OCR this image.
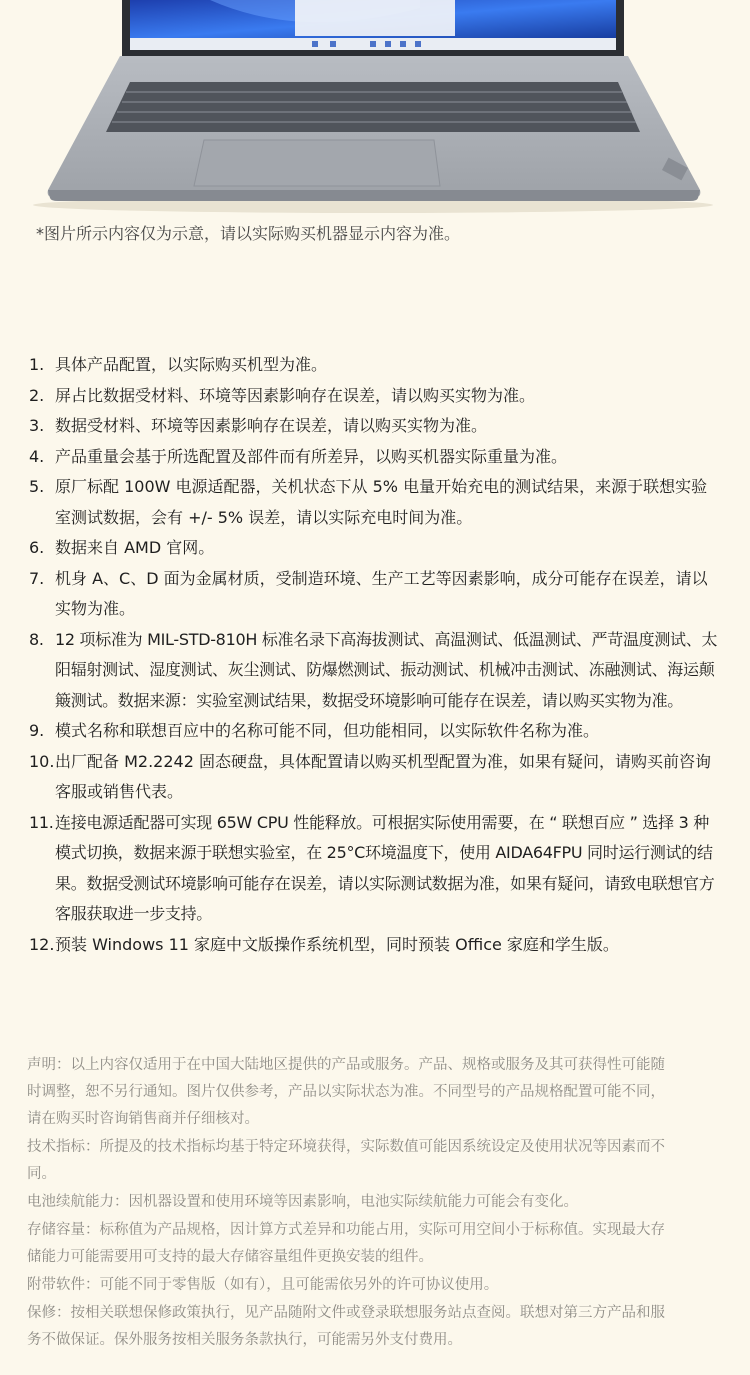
*图片所示内容仅为示意，请以实际购买机器显示内容为准。
1. 具体产品配置，以实际购买机型为准。
2. 屏占比数据受材料、环境等因素影响存在误差，请以购买实物为准。
3. 数据受材料、环境等因素影响存在误差，请以购买实物为准。
4. 产品重量会基于所选配置及部件而有所差异，以购买机器实际重量为准。
5. 原厂标配 100W 电源适配器，关机状态下从 5% 电量开始充电的测试结果，来源于联想实验室测试数据，会有 +/- 5% 误差，请以实际充电时间为准。
6. 数据来自 AMD 官网。
7. 机身 A、C、D 面为金属材质，受制造环境、生产工艺等因素影响，成分可能存在误差，请以实物为准。
8. 12 项标准为 MIL-STD-810H 标准名录下高海拔测试、高温测试、低温测试、严苛温度测试、太阳辐射测试、湿度测试、灰尘测试、防爆燃测试、振动测试、机械冲击测试、冻融测试、海运颠簸测试。数据来源：实验室测试结果，数据受环境影响可能存在误差，请以购买实物为准。
9. 模式名称和联想百应中的名称可能不同，但功能相同，以实际软件名称为准。
10. 出厂配备 M2.2242 固态硬盘，具体配置请以购买机型配置为准，如果有疑问，请购买前咨询客服或销售代表。
11. 连接电源适配器可实现 65W CPU 性能释放。可根据实际使用需要，在 “ 联想百应 ” 选择 3 种模式切换，数据来源于联想实验室，在 25°C环境温度下，使用 AIDA64FPU 同时运行测试的结果。数据受测试环境影响可能存在误差，请以实际测试数据为准，如果有疑问，请致电联想官方客服获取进一步支持。
12. 预装 Windows 11 家庭中文版操作系统机型，同时预装 Office 家庭和学生版。

声明：以上内容仅适用于在中国大陆地区提供的产品或服务。产品、规格或服务及其可获得性可能随

时调整，恕不另行通知。图片仅供参考，产品以实际状态为准。不同型号的产品规格配置可能不同，

请在购买时咨询销售商并仔细核对。

技术指标：所提及的技术指标均基于特定环境获得，实际数值可能因系统设定及使用状况等因素而不

同。

电池续航能力：因机器设置和使用环境等因素影响，电池实际续航能力可能会有变化。

存储容量：标称值为产品规格，因计算方式差异和功能占用，实际可用空间小于标称值。实现最大存

储能力可能需要用可支持的最大存储容量组件更换安装的组件。

附带软件：可能不同于零售版（如有），且可能需依另外的许可协议使用。

保修：按相关联想保修政策执行，见产品随附文件或登录联想服务站点查阅。联想对第三方产品和服

务不做保证。保外服务按相关服务条款执行，可能需另外支付费用。
